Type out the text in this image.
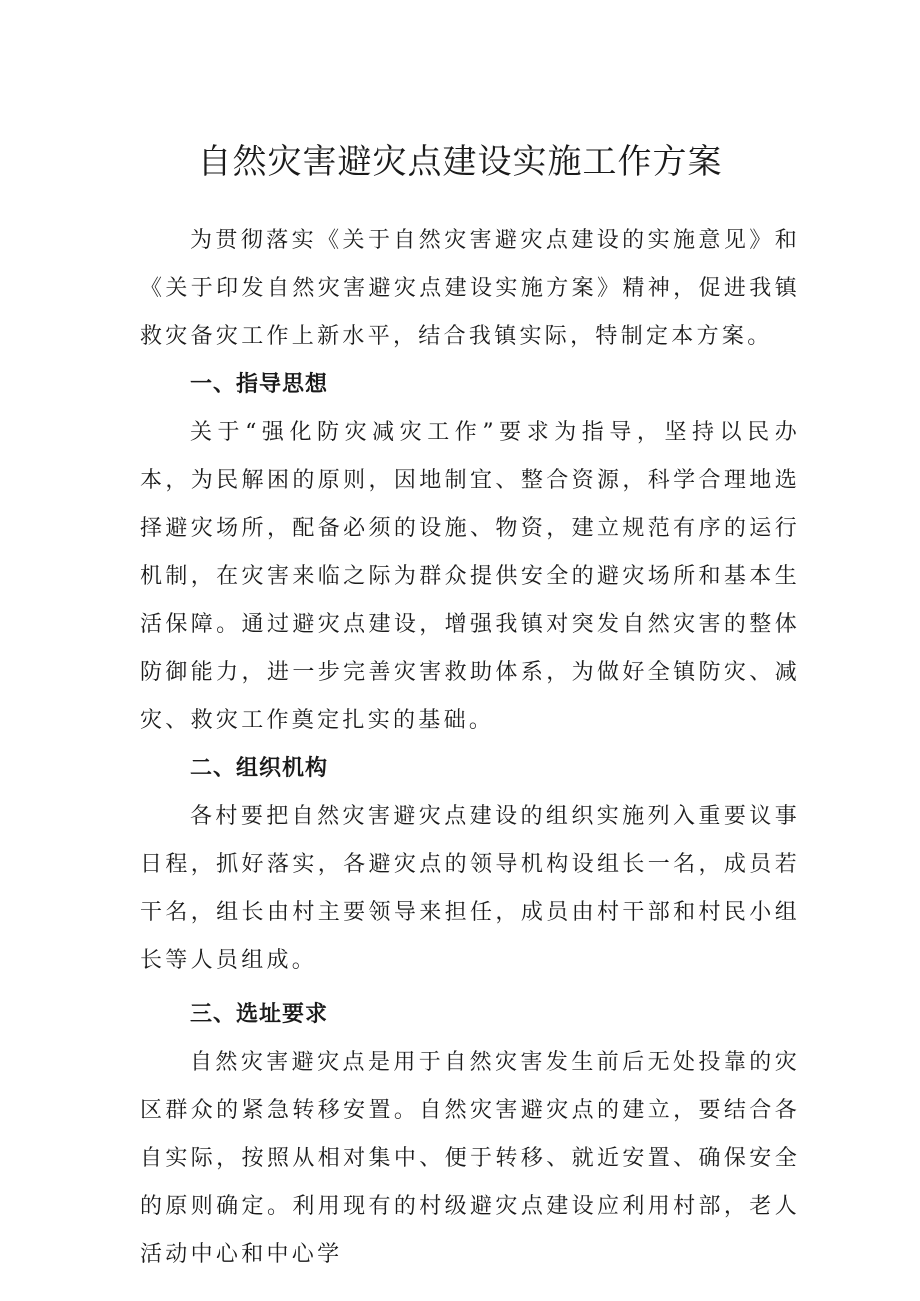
自然灾害避灾点建设实施工作方案

为贯彻落实《关于自然灾害避灾点建设的实施意见》和《关于印发自然灾害避灾点建设实施方案》精神，促进我镇救灾备灾工作上新水平，结合我镇实际，特制定本方案。

一、指导思想

关于“强化防灾减灾工作”要求为指导，坚持以民办本，为民解困的原则，因地制宜、整合资源，科学合理地选择避灾场所，配备必须的设施、物资，建立规范有序的运行机制，在灾害来临之际为群众提供安全的避灾场所和基本生活保障。通过避灾点建设，增强我镇对突发自然灾害的整体防御能力，进一步完善灾害救助体系，为做好全镇防灾、减灾、救灾工作奠定扎实的基础。

二、组织机构

各村要把自然灾害避灾点建设的组织实施列入重要议事日程，抓好落实，各避灾点的领导机构设组长一名，成员若干名，组长由村主要领导来担任，成员由村干部和村民小组长等人员组成。

三、选址要求

自然灾害避灾点是用于自然灾害发生前后无处投靠的灾区群众的紧急转移安置。自然灾害避灾点的建立，要结合各自实际，按照从相对集中、便于转移、就近安置、确保安全的原则确定。利用现有的村级避灾点建设应利用村部，老人活动中心和中心学
